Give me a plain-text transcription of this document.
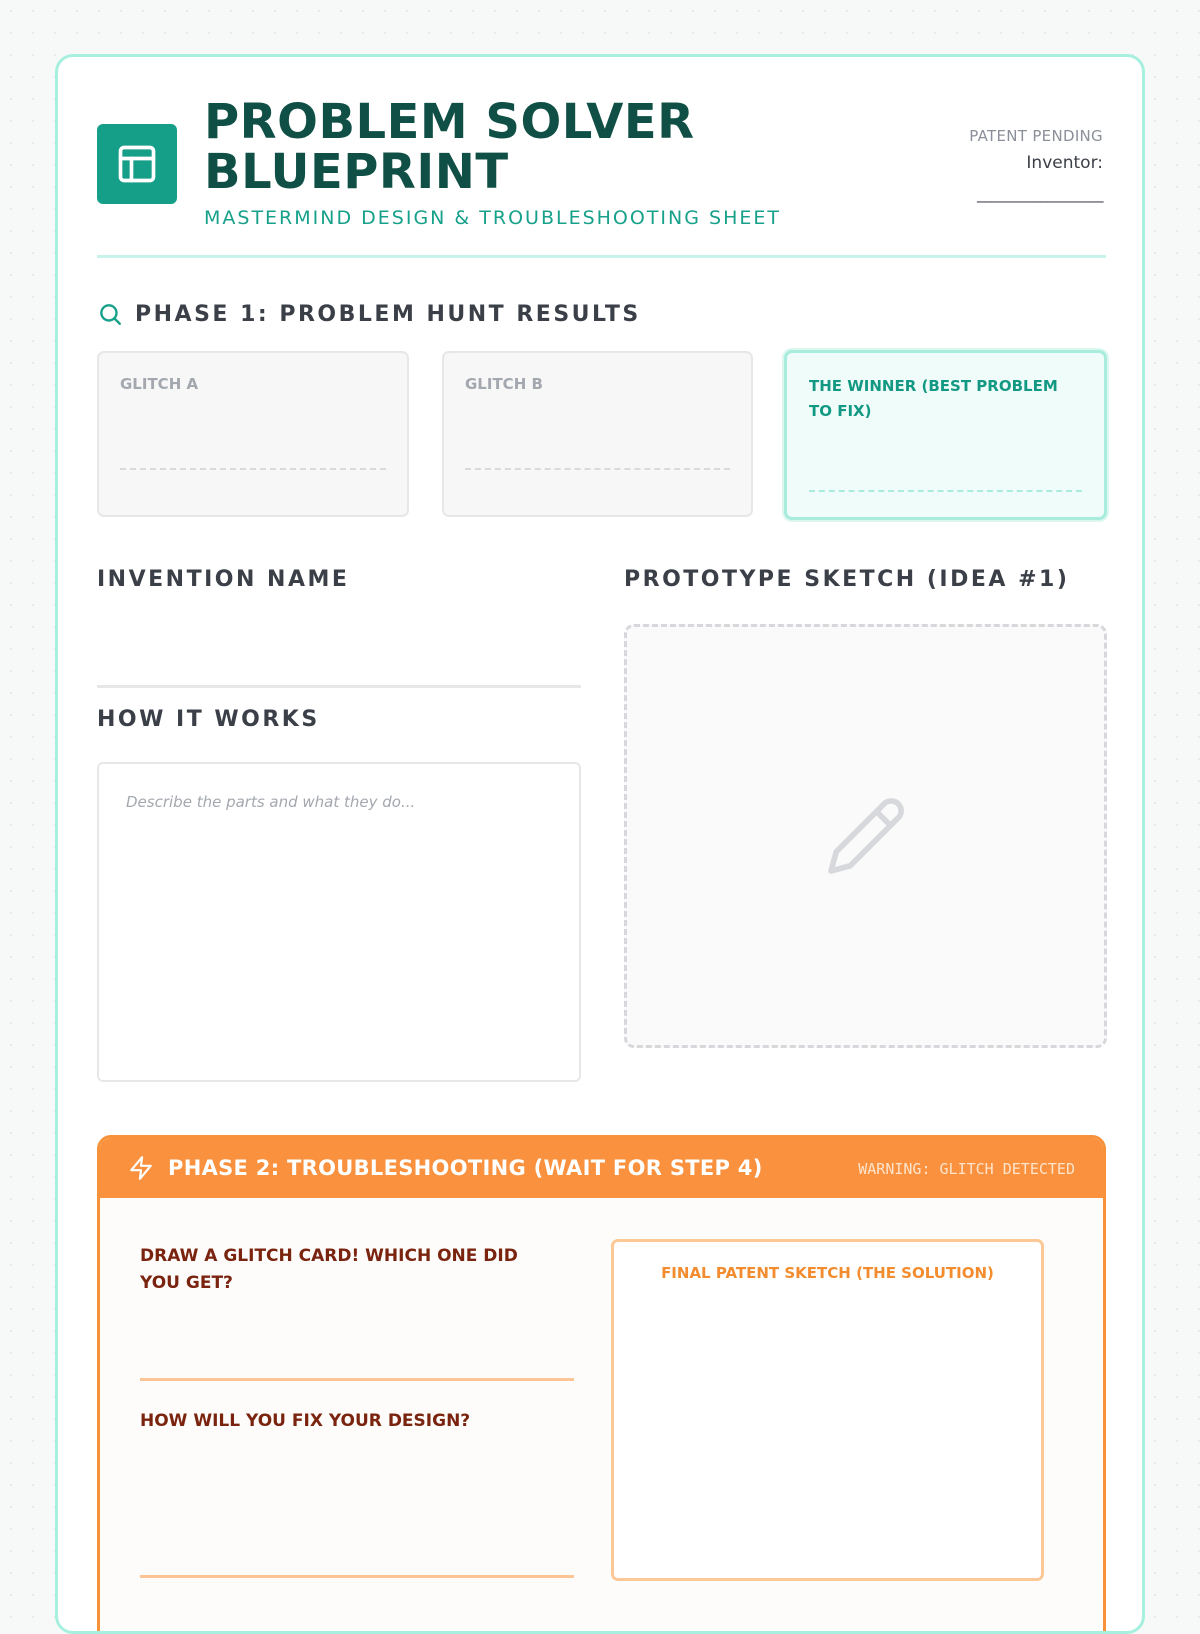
PROBLEM SOLVER BLUEPRINT
MASTERMIND DESIGN & TROUBLESHOOTING SHEET
PATENT PENDING
Inventor:
__________________
PHASE 1: PROBLEM HUNT RESULTS
GLITCH A	GLITCH B	THE WINNER (BEST PROBLEM TO FIX)
INVENTION NAME
HOW IT WORKS
Describe the parts and what they do...
PROTOTYPE SKETCH (IDEA #1)
PHASE 2: TROUBLESHOOTING (WAIT FOR STEP 4)	WARNING: GLITCH DETECTED
DRAW A GLITCH CARD! WHICH ONE DID YOU GET?
HOW WILL YOU FIX YOUR DESIGN?
FINAL PATENT SKETCH (THE SOLUTION)
